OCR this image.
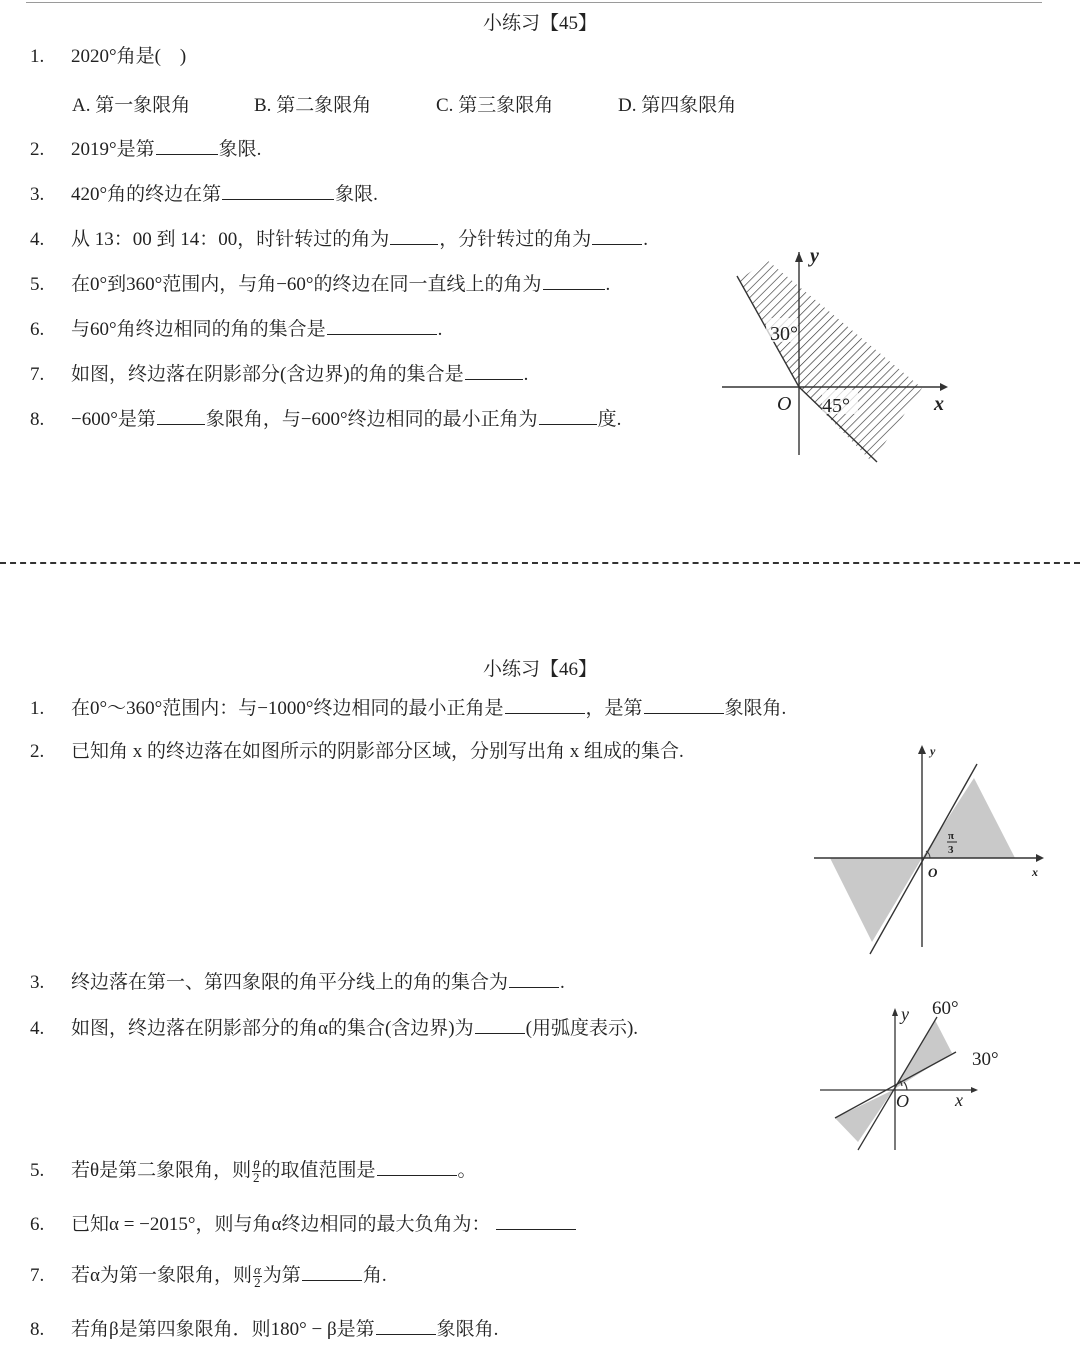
小练习【45】
1. 2020°角是(　)
A. 第一象限角	B. 第二象限角	C. 第三象限角	D. 第四象限角
2. 2019°是第	象限.
3. 420°角的终边在第	象限.
4. 从 13：00 到 14：00，时针转过的角为	，分针转过的角为	.
5. 在0°到360°范围内，与角−60°的终边在同一直线上的角为	.
6. 与60°角终边相同的角的集合是	.
7. 如图，终边落在阴影部分(含边界)的角的集合是	.
8. −600°是第	象限角，与−600°终边相同的最小正角为	度.
30°
45°
O	x
y
小练习【46】
1. 在0°～360°范围内：与−1000°终边相同的最小正角是	，是第	象限角.
2. 已知角 x 的终边落在如图所示的阴影部分区域，分别写出角 x 组成的集合.
π
3
O	x
y
3. 终边落在第一、第四象限的角平分线上的角的集合为	.
4. 如图，终边落在阴影部分的角α的集合(含边界)为	(用弧度表示).
60°
30°
O	x
y
5. 若θ是第二象限角，则 $\frac{\theta}{2}$ 的取值范围是	。
6. 已知α = −2015°，则与角α终边相同的最大负角为：
7. 若α为第一象限角，则 $\frac{\alpha}{2}$ 为第	角.
8. 若角β是第四象限角．则180° − β是第	象限角.
